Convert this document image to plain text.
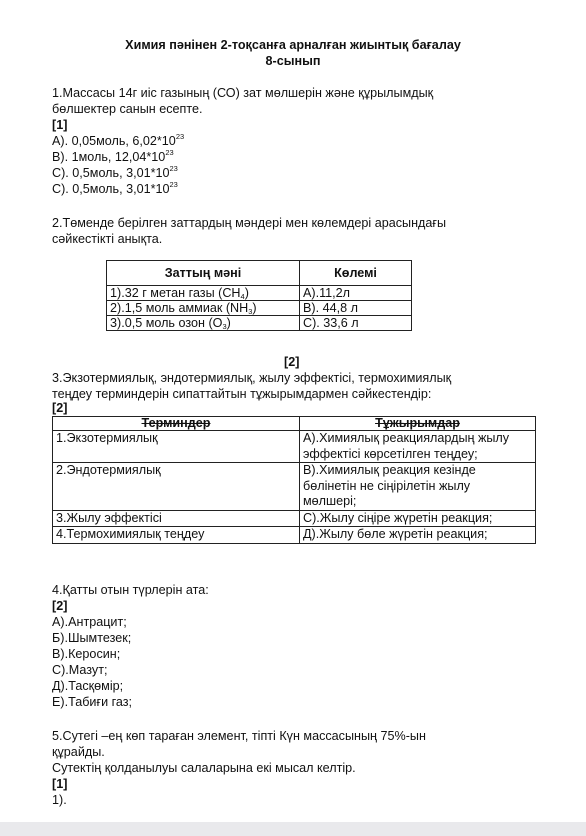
Химия пәнінен 2-тоқсанға арналған жиынтық бағалау
8-сынып
1.Массасы 14г иіс газының (СО) зат мөлшерін және құрылымдық
бөлшектер санын есепте.
[1]
А). 0,05моль, $6,02*10^{23}$
В). 1моль, $12,04*10^{23}$
С). 0,5моль, $3,01*10^{23}$
С). 0,5моль, $3,01*10^{23}$
2.Төменде берілген заттардың мәндері мен көлемдері арасындағы
сәйкестікті анықта.
Заттың мәні	Көлемі
1).32 г метан газы $(СН_4)$	А).11,2л
2).1,5 моль аммиак $(NН_3)$	В). 44,8 л
3).0,5 моль озон $(О_3)$	С). 33,6 л
[2]
3.Экзотермиялық, эндотермиялық, жылу эффектісі, термохимиялық
теңдеу терминдерін сипаттайтын тұжырымдармен сәйкестендір:
[2]
Терминдер	Тұжырымдар
1.Экзотермиялық	А).Химиялық реакциялардың жылу
эффектісі көрсетілген теңдеу;

2.Эндотермиялық	В).Химиялық реакция кезінде
бөлінетін не сіңірілетін жылу
мөлшері;

3.Жылу эффектісі	С).Жылу сіңіре жүретін реакция;
4.Термохимиялық теңдеу	Д).Жылу бөле жүретін реакция;
4.Қатты отын түрлерін ата:
[2]
А).Антрацит;
Б).Шымтезек;
В).Керосин;
С).Мазут;
Д).Тасқөмір;
Е).Табиғи газ;
5.Сутегі –ең көп тараған элемент, тіпті Күн массасының 75%-ын
құрайды.
Сутектің қолданылуы салаларына екі мысал келтір.
[1]
1).
